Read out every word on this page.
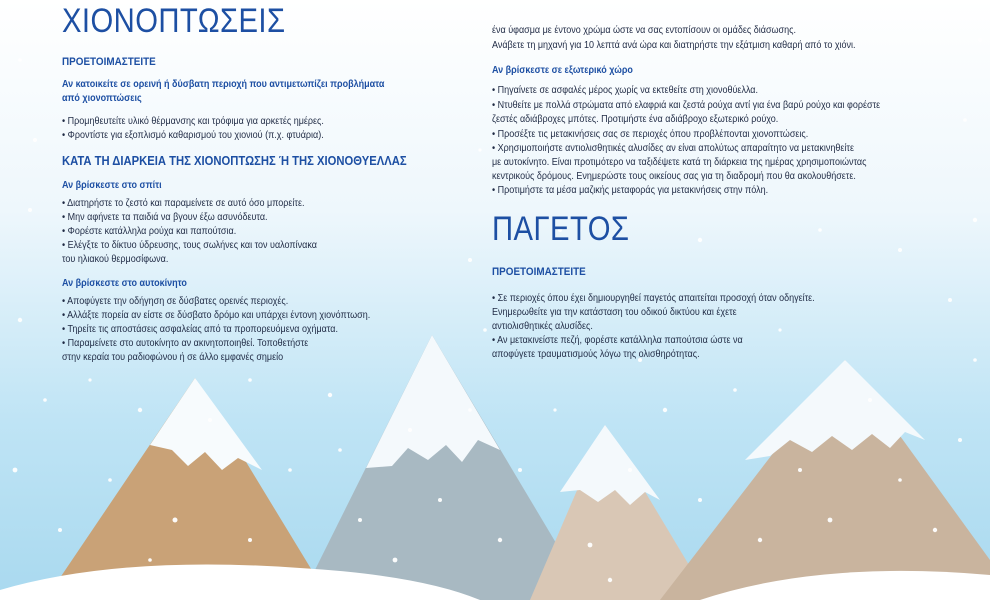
ΧΙΟΝΟΠΤΩΣΕΙΣ
ΠΡΟΕΤΟΙΜΑΣΤΕΙΤΕ
Αν κατοικείτε σε ορεινή ή δύσβατη περιοχή που αντιμετωπίζει προβλήματα
από χιονοπτώσεις
• Προμηθευτείτε υλικό θέρμανσης και τρόφιμα για αρκετές ημέρες.
• Φροντίστε για εξοπλισμό καθαρισμού του χιονιού (π.χ. φτυάρια).
ΚΑΤΑ ΤΗ ΔΙΑΡΚΕΙΑ ΤΗΣ ΧΙΟΝΟΠΤΩΣΗΣ Ή ΤΗΣ ΧΙΟΝΟΘΥΕΛΛΑΣ
Αν βρίσκεστε στο σπίτι
• Διατηρήστε το ζεστό και παραμείνετε σε αυτό όσο μπορείτε.
• Μην αφήνετε τα παιδιά να βγουν έξω ασυνόδευτα.
• Φορέστε κατάλληλα ρούχα και παπούτσια.
• Ελέγξτε το δίκτυο ύδρευσης, τους σωλήνες και τον υαλοπίνακα
του ηλιακού θερμοσίφωνα.
Αν βρίσκεστε στο αυτοκίνητο
• Αποφύγετε την οδήγηση σε δύσβατες ορεινές περιοχές.
• Αλλάξτε πορεία αν είστε σε δύσβατο δρόμο και υπάρχει έντονη χιονόπτωση.
• Τηρείτε τις αποστάσεις ασφαλείας από τα προπορευόμενα οχήματα.
• Παραμείνετε στο αυτοκίνητο αν ακινητοποιηθεί. Τοποθετήστε
στην κεραία του ραδιοφώνου ή σε άλλο εμφανές σημείο
ένα ύφασμα με έντονο χρώμα ώστε να σας εντοπίσουν οι ομάδες διάσωσης.
Ανάβετε τη μηχανή για 10 λεπτά ανά ώρα και διατηρήστε την εξάτμιση καθαρή από το χιόνι.
Αν βρίσκεστε σε εξωτερικό χώρο
• Πηγαίνετε σε ασφαλές μέρος χωρίς να εκτεθείτε στη χιονοθύελλα.
• Ντυθείτε με πολλά στρώματα από ελαφριά και ζεστά ρούχα αντί για ένα βαρύ ρούχο και φορέστε
ζεστές αδιάβροχες μπότες. Προτιμήστε ένα αδιάβροχο εξωτερικό ρούχο.
• Προσέξτε τις μετακινήσεις σας σε περιοχές όπου προβλέπονται χιονοπτώσεις.
• Χρησιμοποιήστε αντιολισθητικές αλυσίδες αν είναι απολύτως απαραίτητο να μετακινηθείτε
με αυτοκίνητο. Είναι προτιμότερο να ταξιδέψετε κατά τη διάρκεια της ημέρας χρησιμοποιώντας
κεντρικούς δρόμους. Ενημερώστε τους οικείους σας για τη διαδρομή που θα ακολουθήσετε.
• Προτιμήστε τα μέσα μαζικής μεταφοράς για μετακινήσεις στην πόλη.
ΠΑΓΕΤΟΣ
ΠΡΟΕΤΟΙΜΑΣΤΕΙΤΕ
• Σε περιοχές όπου έχει δημιουργηθεί παγετός απαιτείται προσοχή όταν οδηγείτε.
Ενημερωθείτε για την κατάσταση του οδικού δικτύου και έχετε
αντιολισθητικές αλυσίδες.
• Αν μετακινείστε πεζή, φορέστε κατάλληλα παπούτσια ώστε να
αποφύγετε τραυματισμούς λόγω της ολισθηρότητας.
